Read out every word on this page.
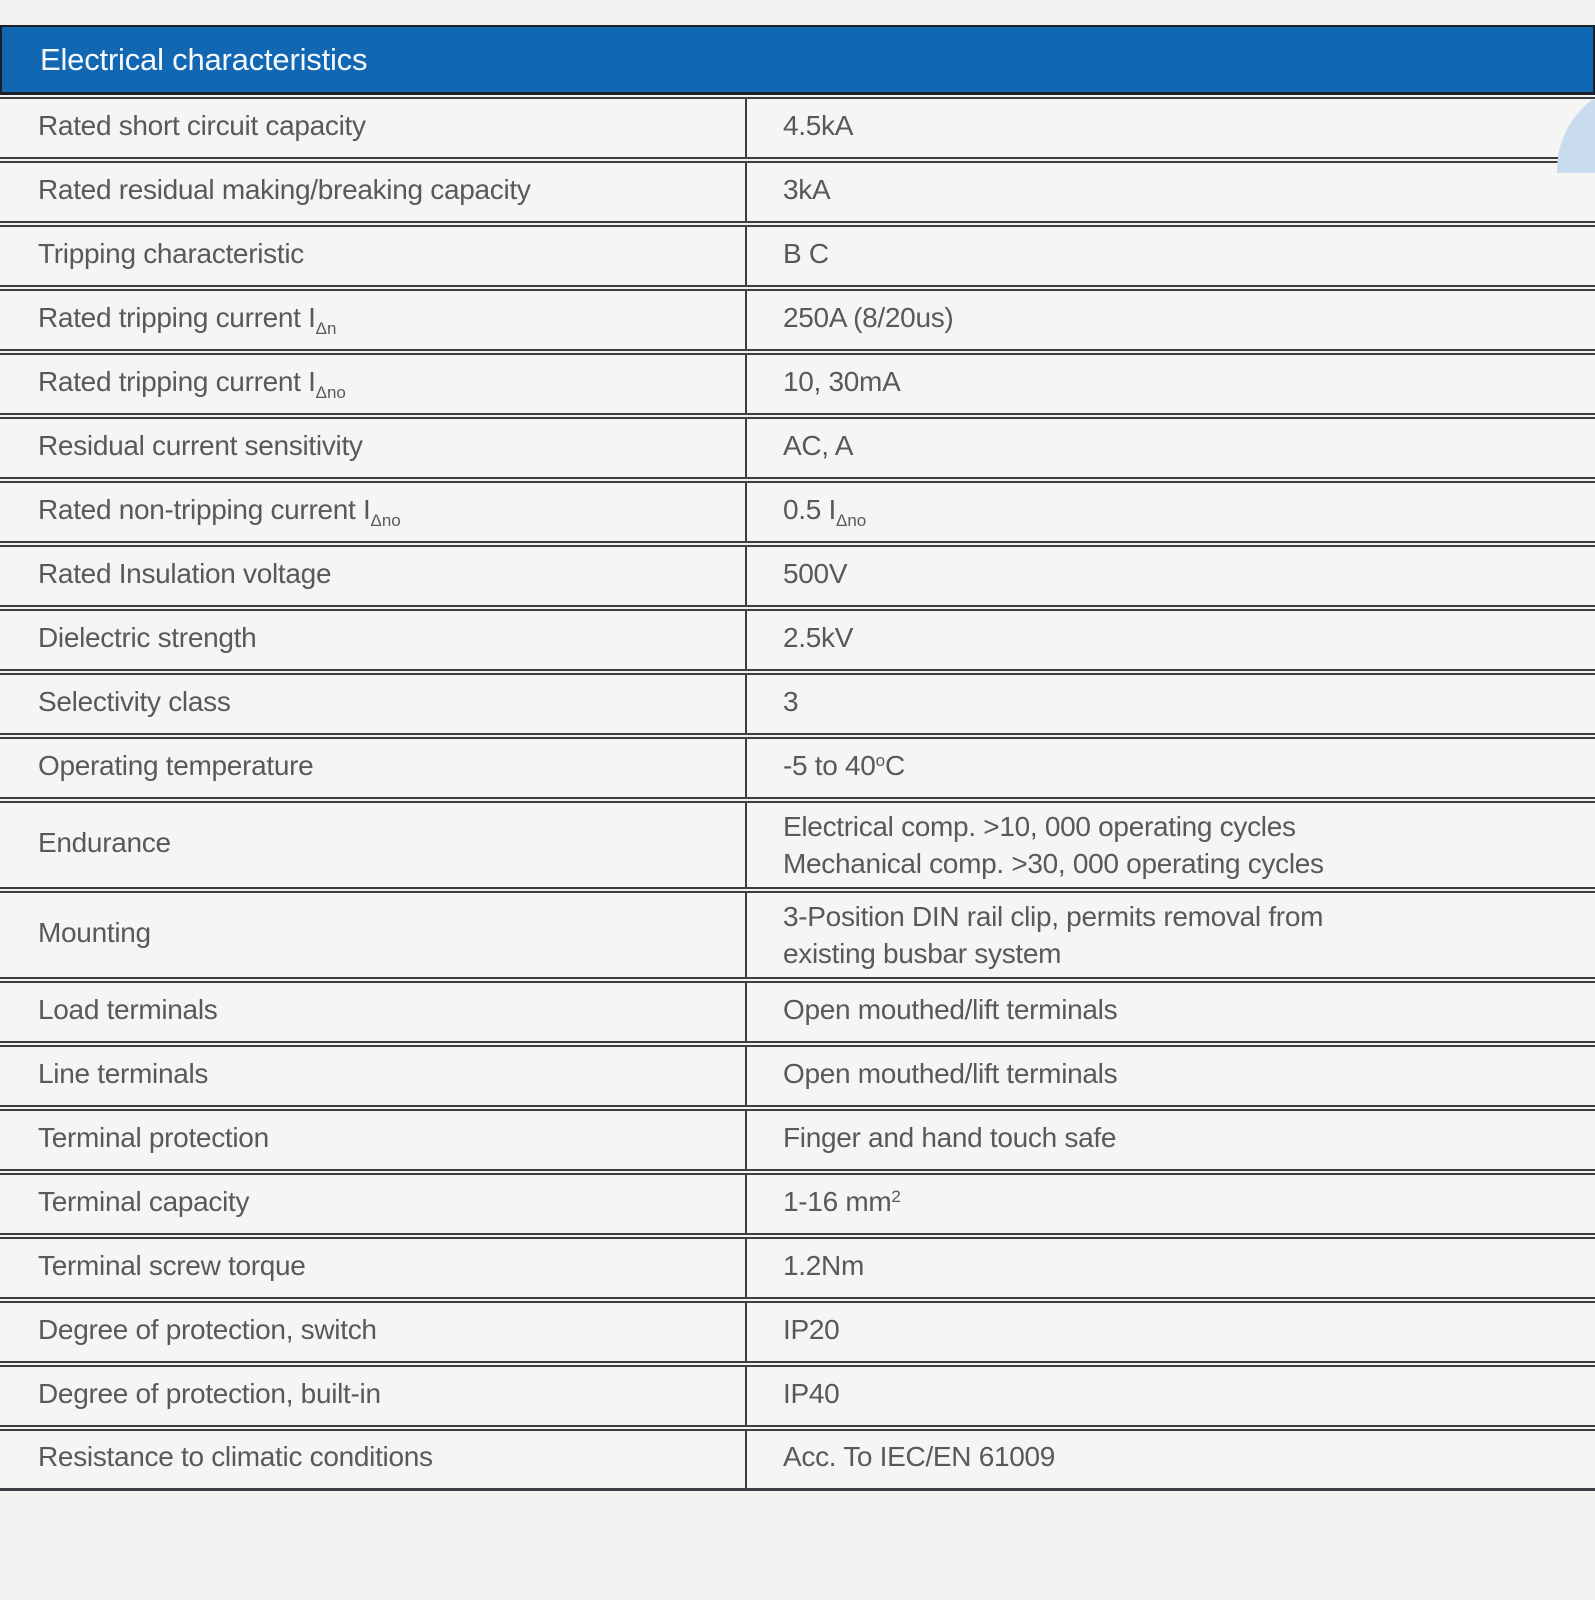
Electrical characteristics
Rated short circuit capacity	4.5kA
Rated residual making/breaking capacity	3kA
Tripping characteristic	B C
Rated tripping current $I_{\Delta n}$	250A (8/20us)
Rated tripping current $I_{\Delta no}$	10, 30mA
Residual current sensitivity	AC, A
Rated non-tripping current $I_{\Delta no}$	0.5 $I_{\Delta no}$
Rated Insulation voltage	500V
Dielectric strength	2.5kV
Selectivity class	3
Operating temperature	-5 to 40$^o$C
Endurance	Electrical comp. >10, 000 operating cycles
Mechanical comp. >30, 000 operating cycles

Mounting	3-Position DIN rail clip, permits removal from
existing busbar system

Load terminals	Open mouthed/lift terminals
Line terminals	Open mouthed/lift terminals
Terminal protection	Finger and hand touch safe
Terminal capacity	1-16 $mm^2$
Terminal screw torque	1.2Nm
Degree of protection, switch	IP20
Degree of protection, built-in	IP40
Resistance to climatic conditions	Acc. To IEC/EN 61009
